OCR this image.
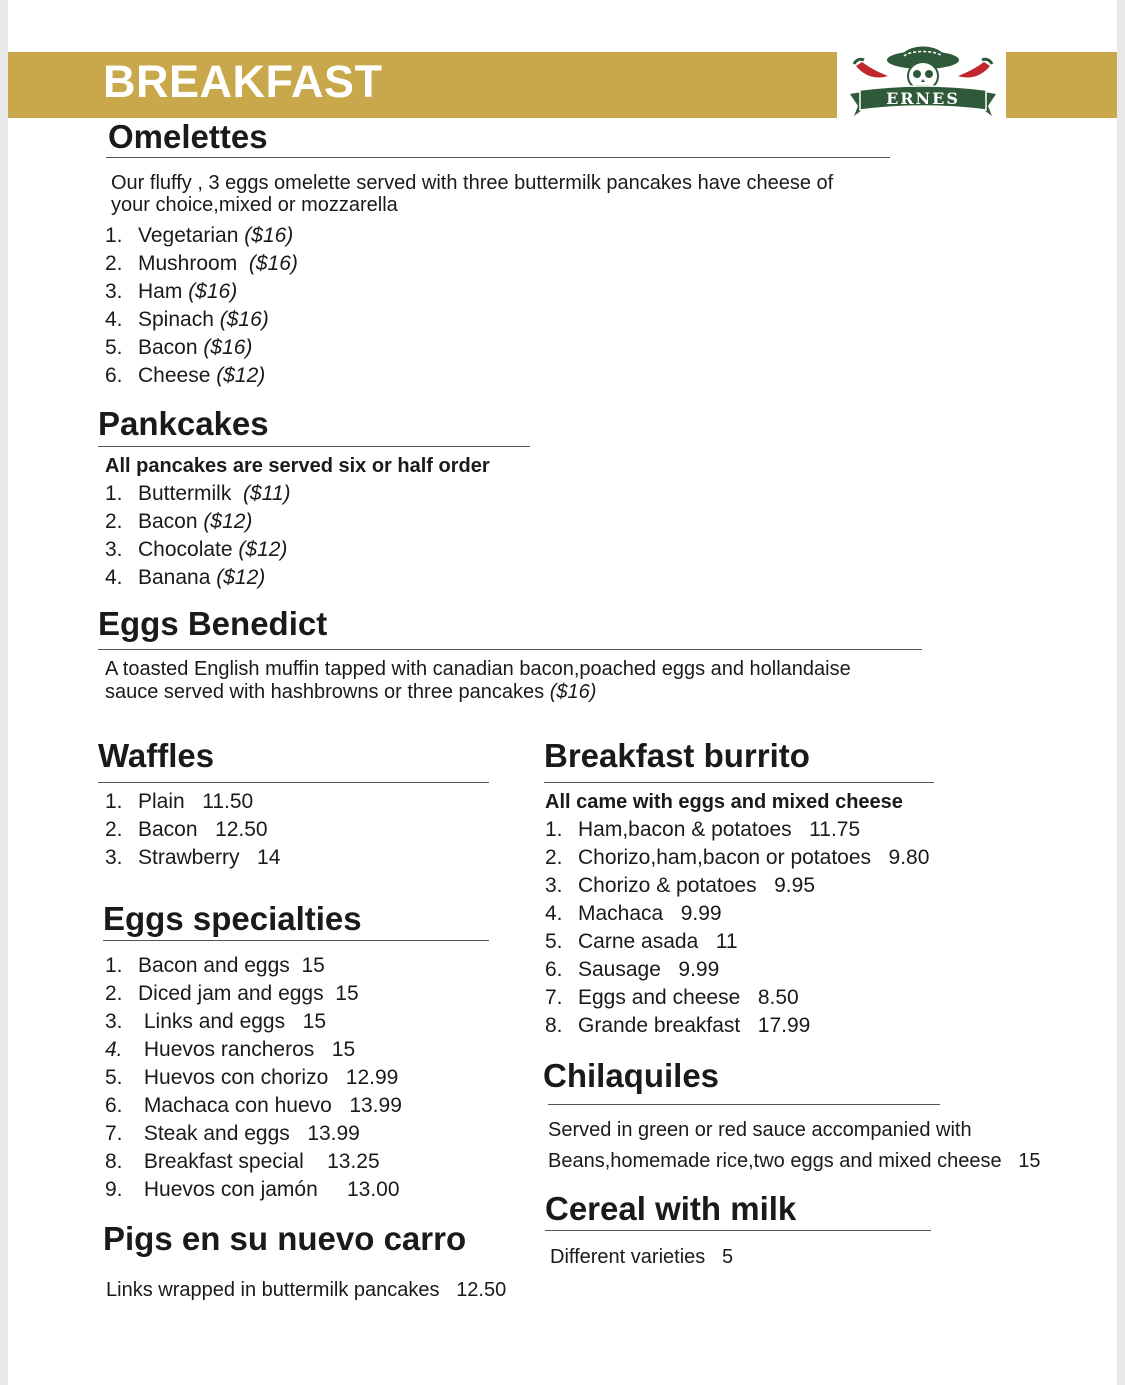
BREAKFAST	ERNES
Omelettes
Our fluffy , 3 eggs omelette served with three buttermilk pancakes have cheese of
your choice,mixed or mozzarella
1. Vegetarian ($16)
2. Mushroom ($16)
3. Ham ($16)
4. Spinach ($16)
5. Bacon ($16)
6. Cheese ($12)
Pankcakes
All pancakes are served six or half order
1. Buttermilk ($11)
2. Bacon ($12)
3. Chocolate ($12)
4. Banana ($12)
Eggs Benedict
A toasted English muffin tapped with canadian bacon,poached eggs and hollandaise
sauce served with hashbrowns or three pancakes ($16)
Waffles
1. Plain 11.50
2. Bacon 12.50
3. Strawberry 14
Eggs specialties
1. Bacon and eggs 15
2. Diced jam and eggs 15
3. Links and eggs 15
4. Huevos rancheros 15
5. Huevos con chorizo 12.99
6. Machaca con huevo 13.99
7. Steak and eggs 13.99
8. Breakfast special 13.25
9. Huevos con jamón 13.00
Pigs en su nuevo carro
Links wrapped in buttermilk pancakes 12.50
Breakfast burrito
All came with eggs and mixed cheese
1. Ham,bacon & potatoes 11.75
2. Chorizo,ham,bacon or potatoes 9.80
3. Chorizo & potatoes 9.95
4. Machaca 9.99
5. Carne asada 11
6. Sausage 9.99
7. Eggs and cheese 8.50
8. Grande breakfast 17.99
Chilaquiles
Served in green or red sauce accompanied with
Beans,homemade rice,two eggs and mixed cheese 15
Cereal with milk
Different varieties 5
